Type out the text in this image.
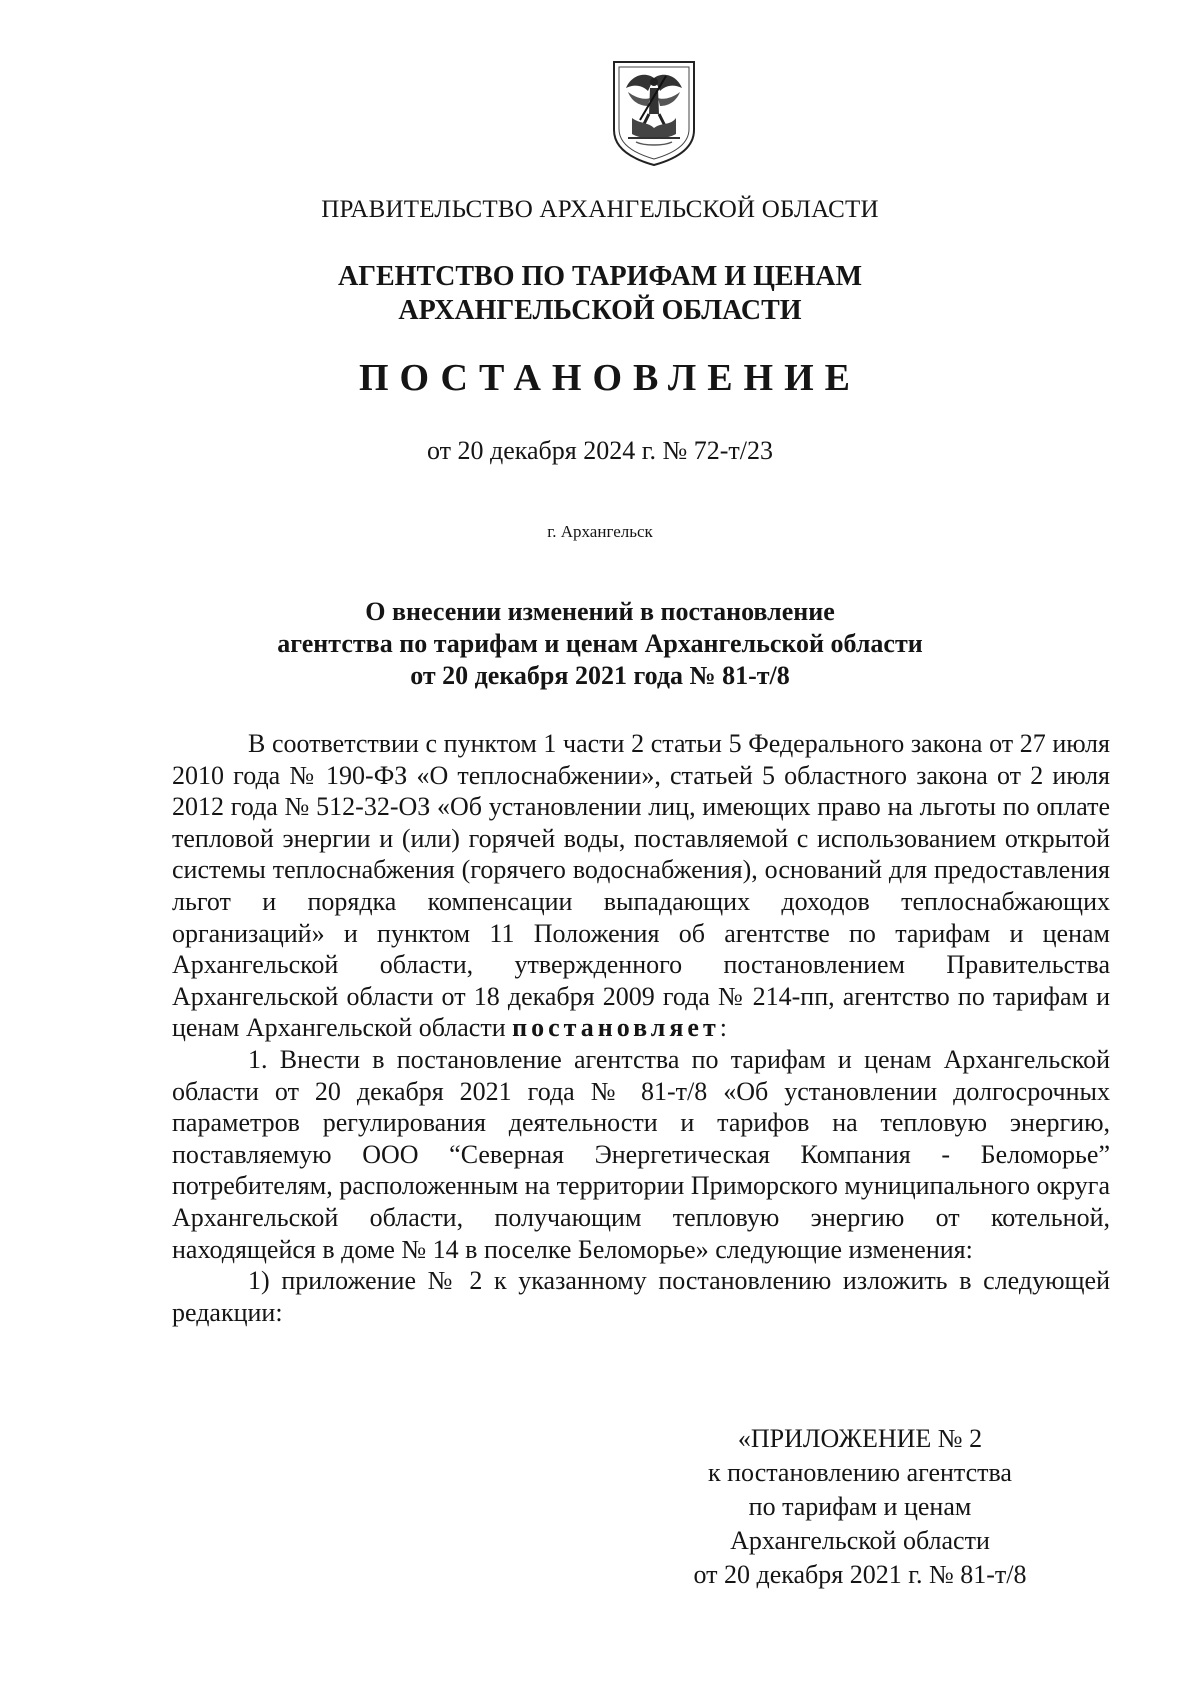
ПРАВИТЕЛЬСТВО АРХАНГЕЛЬСКОЙ ОБЛАСТИ
АГЕНТСТВО ПО ТАРИФАМ И ЦЕНАМ
АРХАНГЕЛЬСКОЙ ОБЛАСТИ
ПОСТАНОВЛЕНИЕ
от 20 декабря 2024 г. № 72-т/23
г. Архангельск
О внесении изменений в постановление
агентства по тарифам и ценам Архангельской области
от 20 декабря 2021 года № 81-т/8

В соответствии с пунктом 1 части 2 статьи 5 Федерального закона от 27 июля 2010 года № 190-ФЗ «О теплоснабжении», статьей 5 областного закона от 2 июля 2012 года № 512-32-ОЗ «Об установлении лиц, имеющих право на льготы по оплате тепловой энергии и (или) горячей воды, поставляемой с использованием открытой системы теплоснабжения (горячего водоснабжения), оснований для предоставления льгот и порядка компенсации выпадающих доходов теплоснабжающих организаций» и пунктом 11 Положения об агентстве по тарифам и ценам Архангельской области, утвержденного постановлением Правительства Архангельской области от 18 декабря 2009 года № 214-пп, агентство по тарифам и ценам Архангельской области постановляет:

1. Внести в постановление агентства по тарифам и ценам Архангельской области от 20 декабря 2021 года № 81-т/8 «Об установлении долгосрочных параметров регулирования деятельности и тарифов на тепловую энергию, поставляемую ООО “Северная Энергетическая Компания - Беломорье” потребителям, расположенным на территории Приморского муниципального округа Архангельской области, получающим тепловую энергию от котельной, находящейся в доме № 14 в поселке Беломорье» следующие изменения:

1) приложение № 2 к указанному постановлению изложить в следующей редакции:

«ПРИЛОЖЕНИЕ № 2
к постановлению агентства
по тарифам и ценам
Архангельской области
от 20 декабря 2021 г. № 81-т/8
